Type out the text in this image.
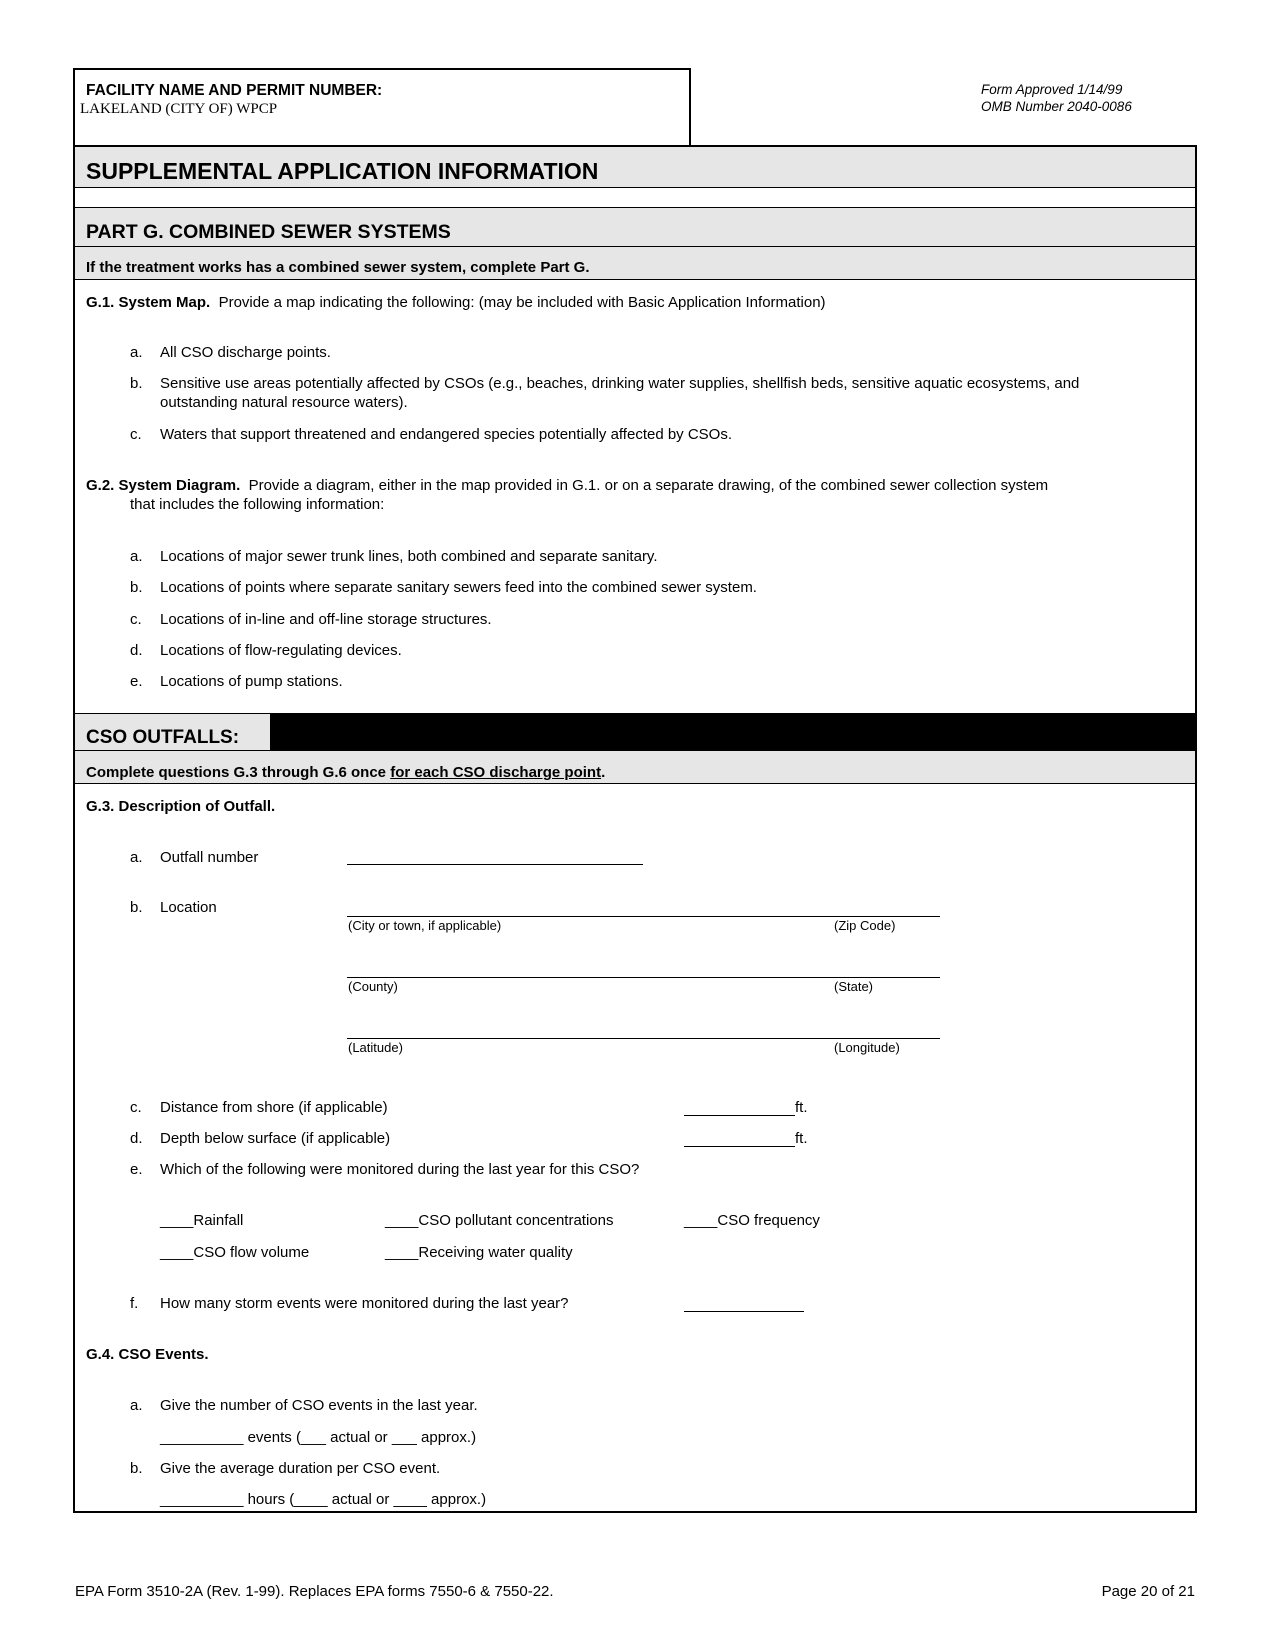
FACILITY NAME AND PERMIT NUMBER:
LAKELAND (CITY OF) WPCP
Form Approved 1/14/99
OMB Number 2040-0086
SUPPLEMENTAL APPLICATION INFORMATION
PART G. COMBINED SEWER SYSTEMS
If the treatment works has a combined sewer system, complete Part G.
G.1. System Map. Provide a map indicating the following: (may be included with Basic Application Information)
a. All CSO discharge points.
b. Sensitive use areas potentially affected by CSOs (e.g., beaches, drinking water supplies, shellfish beds, sensitive aquatic ecosystems, and
outstanding natural resource waters).
c. Waters that support threatened and endangered species potentially affected by CSOs.
G.2. System Diagram. Provide a diagram, either in the map provided in G.1. or on a separate drawing, of the combined sewer collection system
that includes the following information:
a. Locations of major sewer trunk lines, both combined and separate sanitary.
b. Locations of points where separate sanitary sewers feed into the combined sewer system.
c. Locations of in-line and off-line storage structures.
d. Locations of flow-regulating devices.
e. Locations of pump stations.
CSO OUTFALLS:
Complete questions G.3 through G.6 once for each CSO discharge point.
G.3. Description of Outfall.
a. Outfall number
b. Location
(City or town, if applicable)	(Zip Code)
(County)	(State)
(Latitude)	(Longitude)
c. Distance from shore (if applicable)	ft.
d. Depth below surface (if applicable)	ft.
e. Which of the following were monitored during the last year for this CSO?
____Rainfall	____CSO pollutant concentrations	____CSO frequency
____CSO flow volume	____Receiving water quality
f. How many storm events were monitored during the last year?
G.4. CSO Events.
a. Give the number of CSO events in the last year.
__________ events (___ actual or ___ approx.)
b. Give the average duration per CSO event.
__________ hours (____ actual or ____ approx.)
EPA Form 3510-2A (Rev. 1-99). Replaces EPA forms 7550-6 & 7550-22.	Page 20 of 21
